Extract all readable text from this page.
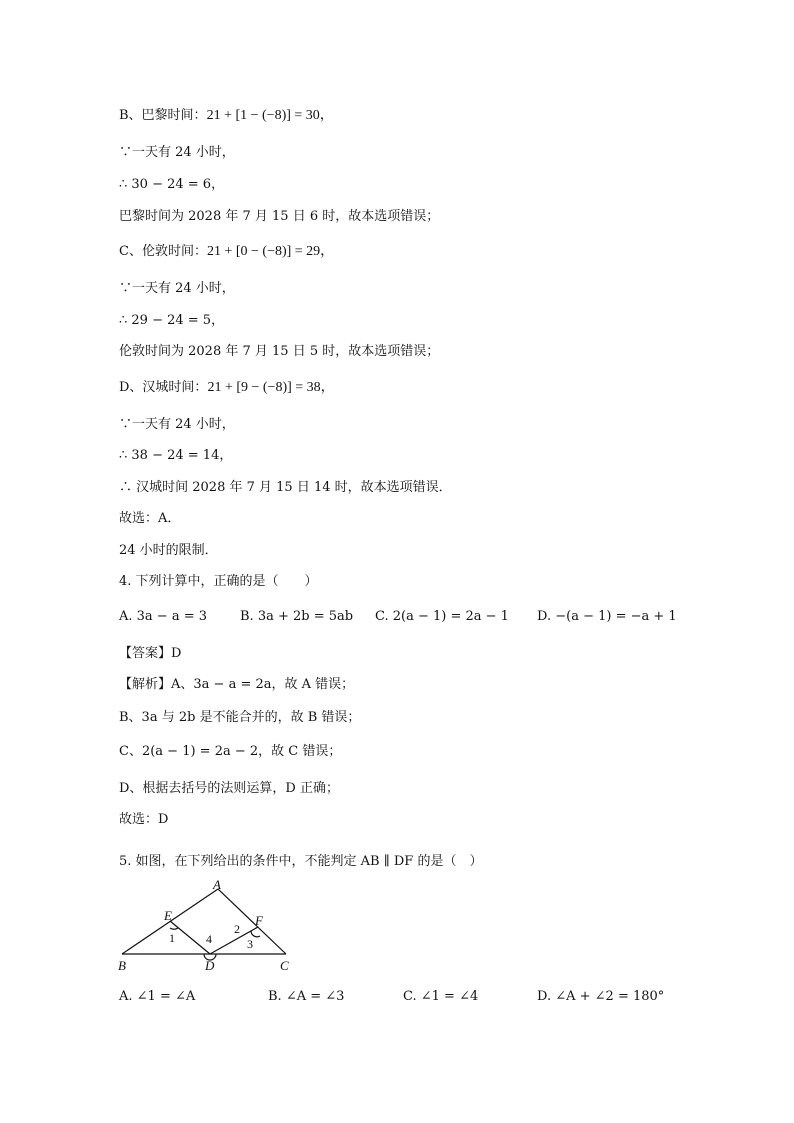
B、巴黎时间：21 + [1 − (−8)] = 30，
∵一天有 24 小时，
∴ 30 − 24 = 6，
巴黎时间为 2028 年 7 月 15 日 6 时，故本选项错误；
C、伦敦时间：21 + [0 − (−8)] = 29，
∵一天有 24 小时，
∴ 29 − 24 = 5，
伦敦时间为 2028 年 7 月 15 日 5 时，故本选项错误；
D、汉城时间：21 + [9 − (−8)] = 38，
∵一天有 24 小时，
∴ 38 − 24 = 14，
∴ 汉城时间 2028 年 7 月 15 日 14 时，故本选项错误．
故选：A．
24 小时的限制．
4. 下列计算中，正确的是（　　）
A. 3a − a = 3	B. 3a + 2b = 5ab C. 2(a − 1) = 2a − 1 D. −(a − 1) = −a + 1
【答案】D
【解析】A、3a − a = 2a，故 A 错误；
B、3a 与 2b 是不能合并的，故 B 错误；
C、2(a − 1) = 2a − 2，故 C 错误；
D、根据去括号的法则运算，D 正确；
故选：D
5. 如图，在下列给出的条件中，不能判定 AB ∥ DF 的是（　）
A
B	C
D
E	F
1	4
2
3
A. ∠1 = ∠A	B. ∠A = ∠3	C. ∠1 = ∠4	D. ∠A + ∠2 = 180°
